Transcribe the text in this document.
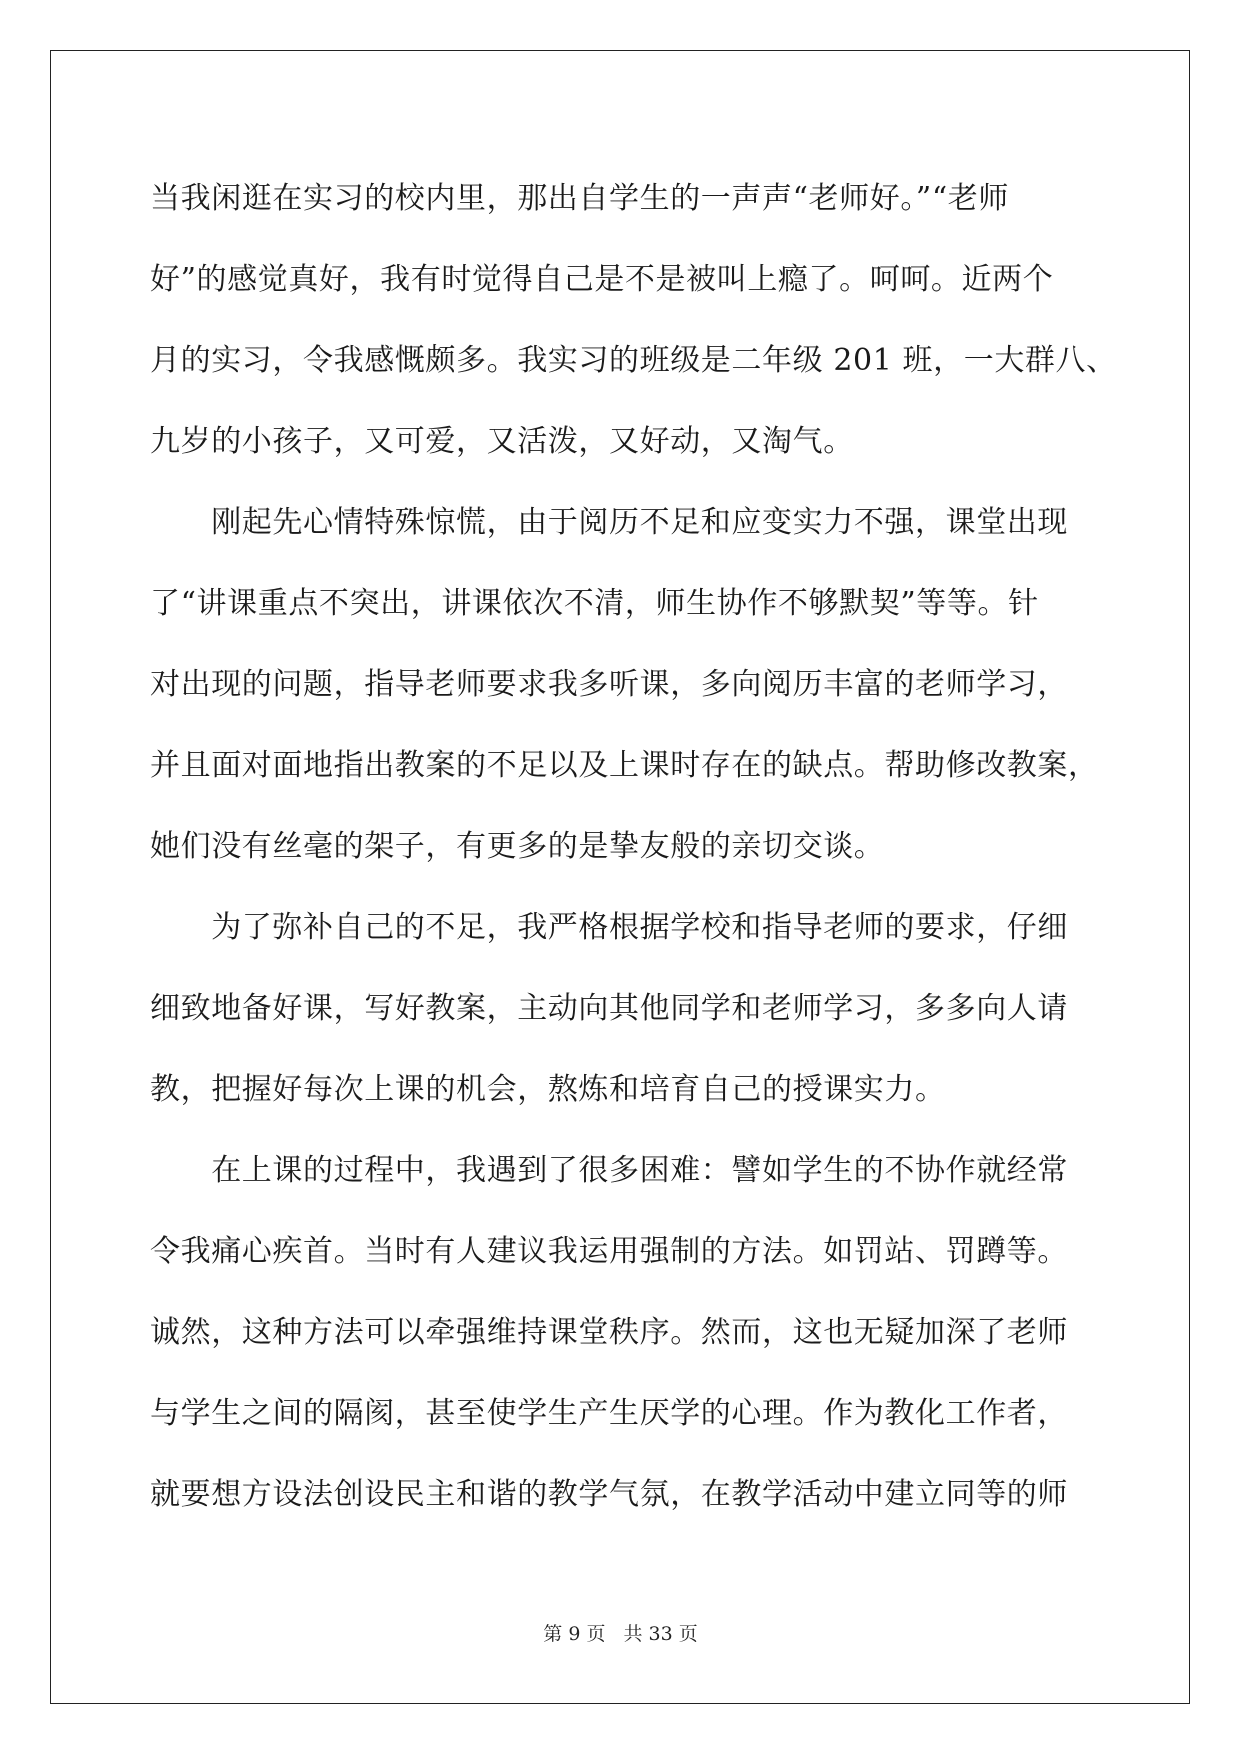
当我闲逛在实习的校内里，那出自学生的一声声“老师好。”“老师
好”的感觉真好，我有时觉得自己是不是被叫上瘾了。呵呵。近两个
月的实习，令我感慨颇多。我实习的班级是二年级 201 班，一大群八、
九岁的小孩子，又可爱，又活泼，又好动，又淘气。
　　刚起先心情特殊惊慌，由于阅历不足和应变实力不强，课堂出现
了“讲课重点不突出，讲课依次不清，师生协作不够默契”等等。针
对出现的问题，指导老师要求我多听课，多向阅历丰富的老师学习，
并且面对面地指出教案的不足以及上课时存在的缺点。帮助修改教案，
她们没有丝毫的架子，有更多的是挚友般的亲切交谈。
　　为了弥补自己的不足，我严格根据学校和指导老师的要求，仔细
细致地备好课，写好教案，主动向其他同学和老师学习，多多向人请
教，把握好每次上课的机会，熬炼和培育自己的授课实力。
　　在上课的过程中，我遇到了很多困难：譬如学生的不协作就经常
令我痛心疾首。当时有人建议我运用强制的方法。如罚站、罚蹲等。
诚然，这种方法可以牵强维持课堂秩序。然而，这也无疑加深了老师
与学生之间的隔阂，甚至使学生产生厌学的心理。作为教化工作者，
就要想方设法创设民主和谐的教学气氛，在教学活动中建立同等的师
第 9 页 共 33 页
